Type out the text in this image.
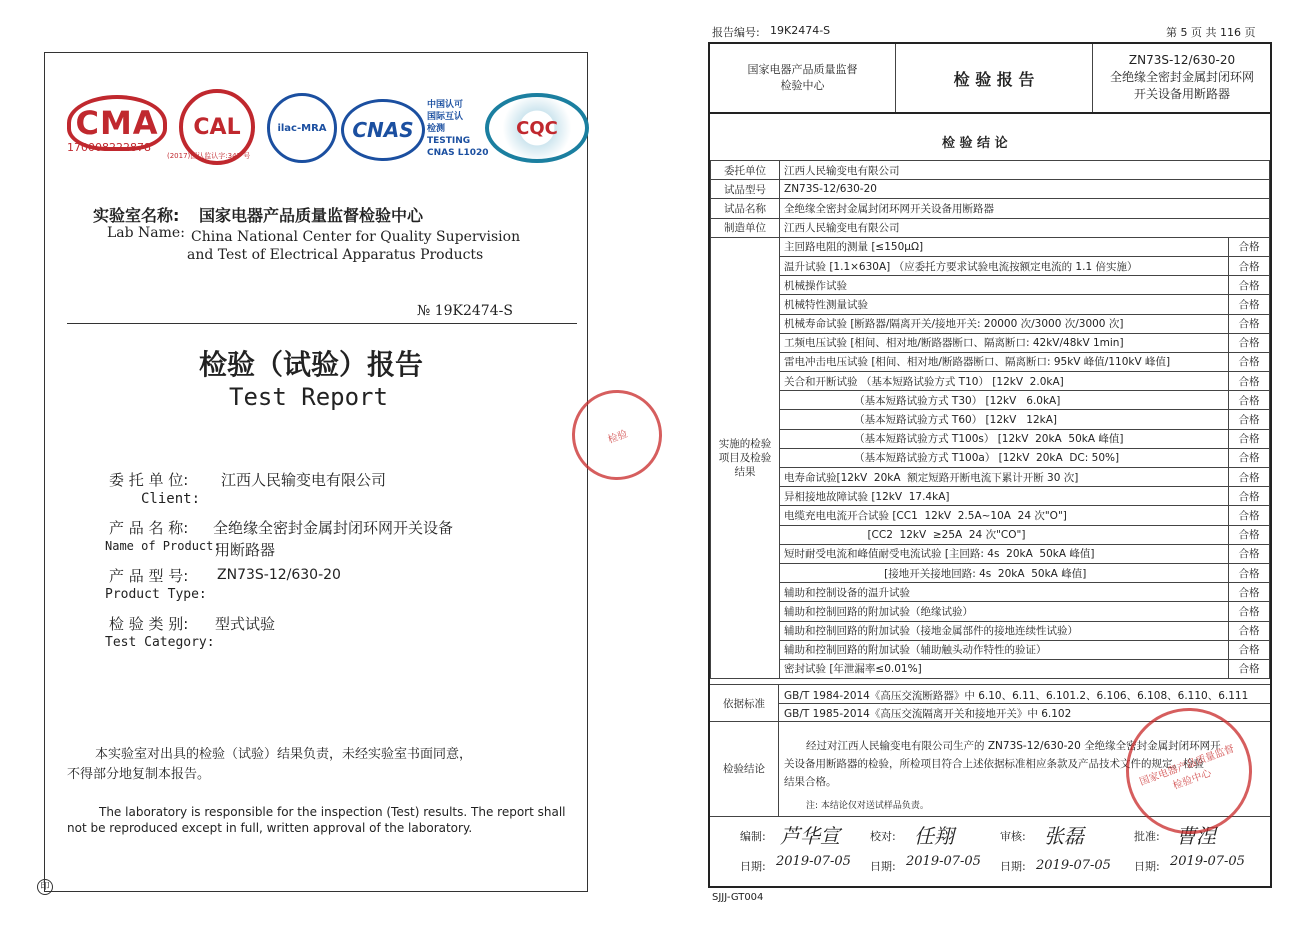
CMA
170008222878
CAL
(2017)国认监认字:347 号
ilac-MRA CNAS
中国认可
国际互认
检测
TESTING
CNAS L1020
CQC
实验室名称: 国家电器产品质量监督检验中心
Lab Name: China National Center for Quality Supervision
and Test of Electrical Apparatus Products
№ 19K2474-S
检验（试验）报告
Test Report
委 托 单 位: 江西人民输变电有限公司
Client:
产 品 名 称: 全绝缘全密封金属封闭环网开关设备
Name of Product:
用断路器
产 品 型 号: ZN73S-12/630-20
Product Type:
检 验 类 别: 型式试验
Test Category:
本实验室对出具的检验（试验）结果负责，未经实验室书面同意，
不得部分地复制本报告。
The laboratory is responsible for the inspection (Test) results. The report shall
not be reproduced except in full, written approval of the laboratory.
印
检验
报告编号: 19K2474-S	第 5 页 共 116 页
国家电器产品质量监督
检验中心	检 验 报 告
ZN73S-12/630-20
全绝缘全密封金属封闭环网
开关设备用断路器
检 验 结 论
委托单位	江西人民输变电有限公司	
试品型号	ZN73S-12/630-20	
试品名称	全绝缘全密封金属封闭环网开关设备用断路器	
制造单位	江西人民输变电有限公司	
实施的检验项目及检验结果	主回路电阻的测量 [≤150μΩ]	合格
	温升试验 [1.1×630A] （应委托方要求试验电流按额定电流的 1.1 倍实施）	合格
	机械操作试验	合格
	机械特性测量试验	合格
	机械寿命试验 [断路器/隔离开关/接地开关: 20000 次/3000 次/3000 次]	合格
	工频电压试验 [相间、相对地/断路器断口、隔离断口: 42kV/48kV 1min]	合格
	雷电冲击电压试验 [相间、相对地/断路器断口、隔离断口: 95kV 峰值/110kV 峰值]	合格
	关合和开断试验 （基本短路试验方式 T10） [12kV  2.0kA]	合格
	（基本短路试验方式 T30） [12kV   6.0kA]	合格
	（基本短路试验方式 T60） [12kV   12kA]	合格
	（基本短路试验方式 T100s） [12kV  20kA  50kA 峰值]	合格
	（基本短路试验方式 T100a） [12kV  20kA  DC: 50%]	合格
	电寿命试验[12kV  20kA  额定短路开断电流下累计开断 30 次]	合格
	异相接地故障试验 [12kV  17.4kA]	合格
	电缆充电电流开合试验 [CC1  12kV  2.5A~10A  24 次"O"]	合格
	[CC2  12kV  ≥25A  24 次"CO"]	合格
	短时耐受电流和峰值耐受电流试验 [主回路: 4s  20kA  50kA 峰值]	合格
	[接地开关接地回路: 4s  20kA  50kA 峰值]	合格
	辅助和控制设备的温升试验	合格
	辅助和控制回路的附加试验（绝缘试验）	合格
	辅助和控制回路的附加试验（接地金属部件的接地连续性试验）	合格
	辅助和控制回路的附加试验（辅助触头动作特性的验证）	合格
	密封试验 [年泄漏率≤0.01%]	合格
依据标准
GB/T 1984-2014《高压交流断路器》中 6.10、6.11、6.101.2、6.106、6.108、6.110、6.111
GB/T 1985-2014《高压交流隔离开关和接地开关》中 6.102
检验结论
经过对江西人民输变电有限公司生产的 ZN73S-12/630-20 全绝缘全密封金属封闭环网开
关设备用断路器的检验，所检项目符合上述依据标准相应条款及产品技术文件的规定。检验
结果合格。
注: 本结论仅对送试样品负责。
编制: 芦华宣	校对: 任翔	审核: 张磊	批准: 曹涅
日期: 2019-07-05 日期: 2019-07-05 日期: 2019-07-05 日期: 2019-07-05
SJJJ-GT004
国家电器产品质量监督检验中心
